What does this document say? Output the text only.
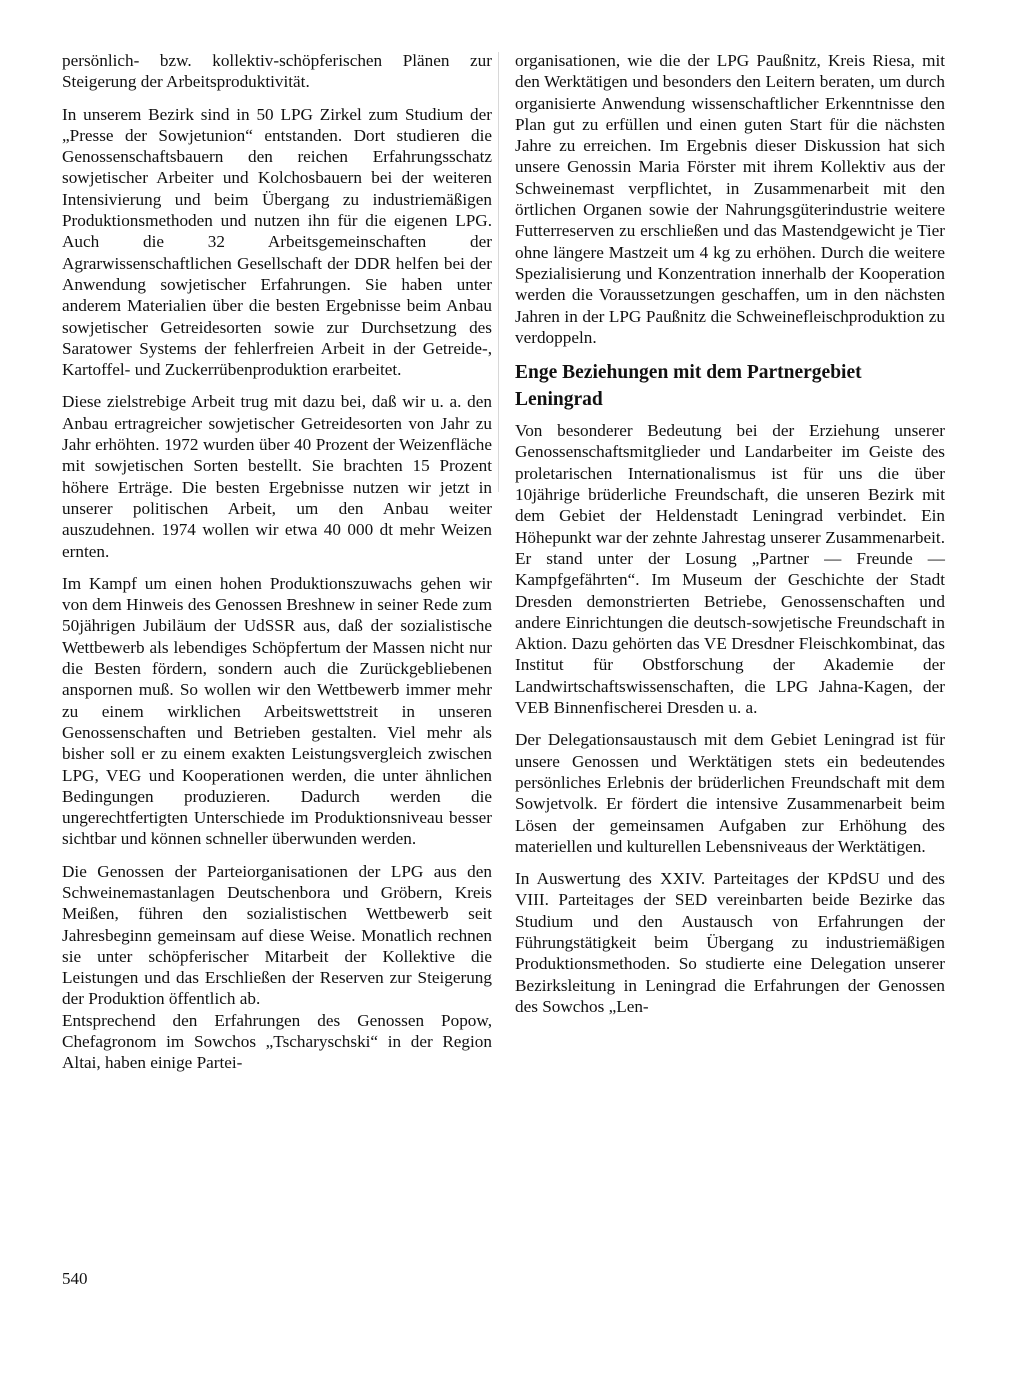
persönlich- bzw. kollektiv-schöpferischen Plänen zur Steigerung der Arbeitsproduktivität.

In unserem Bezirk sind in 50 LPG Zirkel zum Studium der „Presse der Sowjetunion“ entstanden. Dort studieren die Genossenschaftsbauern den reichen Erfahrungsschatz sowjetischer Arbeiter und Kolchosbauern bei der weiteren Intensivierung und beim Übergang zu industriemäßigen Produktionsmethoden und nutzen ihn für die eigenen LPG. Auch die 32 Arbeitsgemeinschaften der Agrarwissenschaftlichen Gesellschaft der DDR helfen bei der Anwendung sowjetischer Erfahrungen. Sie haben unter anderem Materialien über die besten Ergebnisse beim Anbau sowjetischer Getreidesorten sowie zur Durchsetzung des Saratower Systems der fehlerfreien Arbeit in der Getreide-, Kartoffel- und Zuckerrübenproduktion erarbeitet.

Diese zielstrebige Arbeit trug mit dazu bei, daß wir u. a. den Anbau ertragreicher sowjetischer Getreidesorten von Jahr zu Jahr erhöhten. 1972 wurden über 40 Prozent der Weizenfläche mit sowjetischen Sorten bestellt. Sie brachten 15 Prozent höhere Erträge. Die besten Ergebnisse nutzen wir jetzt in unserer politischen Arbeit, um den Anbau weiter auszudehnen. 1974 wollen wir etwa 40 000 dt mehr Weizen ernten.

Im Kampf um einen hohen Produktionszuwachs gehen wir von dem Hinweis des Genossen Breshnew in seiner Rede zum 50jährigen Jubiläum der UdSSR aus, daß der sozialistische Wettbewerb als lebendiges Schöpfertum der Massen nicht nur die Besten fördern, sondern auch die Zurückgebliebenen anspornen muß. So wollen wir den Wettbewerb immer mehr zu einem wirklichen Arbeitswettstreit in unseren Genossenschaften und Betrieben gestalten. Viel mehr als bisher soll er zu einem exakten Leistungsvergleich zwischen LPG, VEG und Kooperationen werden, die unter ähnlichen Bedingungen produzieren. Dadurch werden die ungerechtfertigten Unterschiede im Produktionsniveau besser sichtbar und können schneller überwunden werden.

Die Genossen der Parteiorganisationen der LPG aus den Schweinemastanlagen Deutschenbora und Gröbern, Kreis Meißen, führen den sozialistischen Wettbewerb seit Jahresbeginn gemeinsam auf diese Weise. Monatlich rechnen sie unter schöpferischer Mitarbeit der Kollektive die Leistungen und das Erschließen der Reserven zur Steigerung der Produktion öffentlich ab.

Entsprechend den Erfahrungen des Genossen Popow, Chefagronom im Sowchos „Tscharyschski“ in der Region Altai, haben einige Partei-

organisationen, wie die der LPG Paußnitz, Kreis Riesa, mit den Werktätigen und besonders den Leitern beraten, um durch organisierte Anwendung wissenschaftlicher Erkenntnisse den Plan gut zu erfüllen und einen guten Start für die nächsten Jahre zu erreichen. Im Ergebnis dieser Diskussion hat sich unsere Genossin Maria Förster mit ihrem Kollektiv aus der Schweinemast verpflichtet, in Zusammenarbeit mit den örtlichen Organen sowie der Nahrungsgüterindustrie weitere Futterreserven zu erschließen und das Mastendgewicht je Tier ohne längere Mastzeit um 4 kg zu erhöhen. Durch die weitere Spezialisierung und Konzentration innerhalb der Kooperation werden die Voraussetzungen geschaffen, um in den nächsten Jahren in der LPG Paußnitz die Schweinefleischproduktion zu verdoppeln.

Enge Beziehungen mit dem Partnergebiet Leningrad

Von besonderer Bedeutung bei der Erziehung unserer Genossenschaftsmitglieder und Landarbeiter im Geiste des proletarischen Internationalismus ist für uns die über 10jährige brüderliche Freundschaft, die unseren Bezirk mit dem Gebiet der Heldenstadt Leningrad verbindet. Ein Höhepunkt war der zehnte Jahrestag unserer Zusammenarbeit. Er stand unter der Losung „Partner — Freunde — Kampfgefährten“. Im Museum der Geschichte der Stadt Dresden demonstrierten Betriebe, Genossenschaften und andere Einrichtungen die deutsch-sowjetische Freundschaft in Aktion. Dazu gehörten das VE Dresdner Fleischkombinat, das Institut für Obstforschung der Akademie der Landwirtschaftswissenschaften, die LPG Jahna-Kagen, der VEB Binnenfischerei Dresden u. a.

Der Delegationsaustausch mit dem Gebiet Leningrad ist für unsere Genossen und Werktätigen stets ein bedeutendes persönliches Erlebnis der brüderlichen Freundschaft mit dem Sowjetvolk. Er fördert die intensive Zusammenarbeit beim Lösen der gemeinsamen Aufgaben zur Erhöhung des materiellen und kulturellen Lebensniveaus der Werktätigen.

In Auswertung des XXIV. Parteitages der KPdSU und des VIII. Parteitages der SED vereinbarten beide Bezirke das Studium und den Austausch von Erfahrungen der Führungstätigkeit beim Übergang zu industriemäßigen Produktionsmethoden. So studierte eine Delegation unserer Bezirksleitung in Leningrad die Erfahrungen der Genossen des Sowchos „Len-

540
